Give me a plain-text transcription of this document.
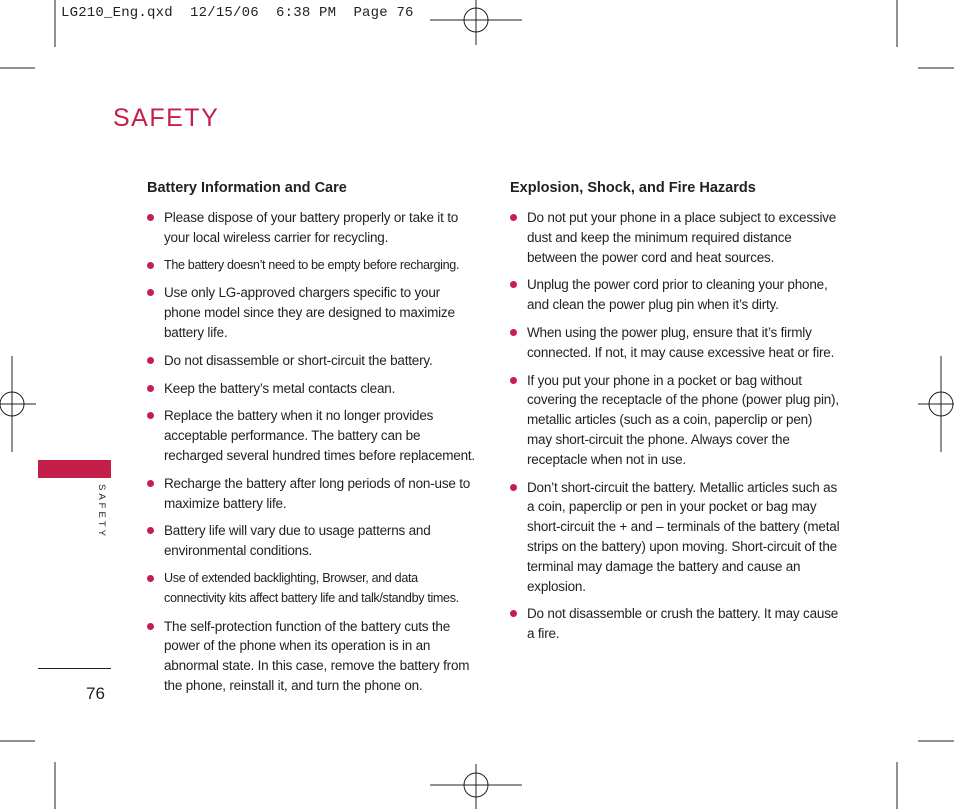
LG210_Eng.qxd  12/15/06  6:38 PM  Page 76
SAFETY
Battery Information and Care
Please dispose of your battery properly or take it to your local wireless carrier for recycling.
The battery doesn’t need to be empty before recharging.
Use only LG-approved chargers specific to your phone model since they are designed to maximize battery life.
Do not disassemble or short-circuit the battery.
Keep the battery’s metal contacts clean.
Replace the battery when it no longer provides acceptable performance. The battery can be recharged several hundred times before replacement.
Recharge the battery after long periods of non-use to maximize battery life.
Battery life will vary due to usage patterns and environmental conditions.
Use of extended backlighting, Browser, and data connectivity kits affect battery life and talk/standby times.
The self-protection function of the battery cuts the power of the phone when its operation is in an abnormal state. In this case, remove the battery from the phone, reinstall it, and turn the phone on.
Explosion, Shock, and Fire Hazards
Do not put your phone in a place subject to excessive dust and keep the minimum required distance between the power cord and heat sources.
Unplug the power cord prior to cleaning your phone, and clean the power plug pin when it’s dirty.
When using the power plug, ensure that it’s firmly connected. If not, it may cause excessive heat or fire.
If you put your phone in a pocket or bag without covering the receptacle of the phone (power plug pin), metallic articles (such as a coin, paperclip or pen) may short-circuit the phone. Always cover the receptacle when not in use.
Don’t short-circuit the battery. Metallic articles such as a coin, paperclip or pen in your pocket or bag may short-circuit the + and – terminals of the battery (metal strips on the battery) upon moving. Short-circuit of the terminal may damage the battery and cause an explosion.
Do not disassemble or crush the battery. It may cause a fire.
SAFETY
76
